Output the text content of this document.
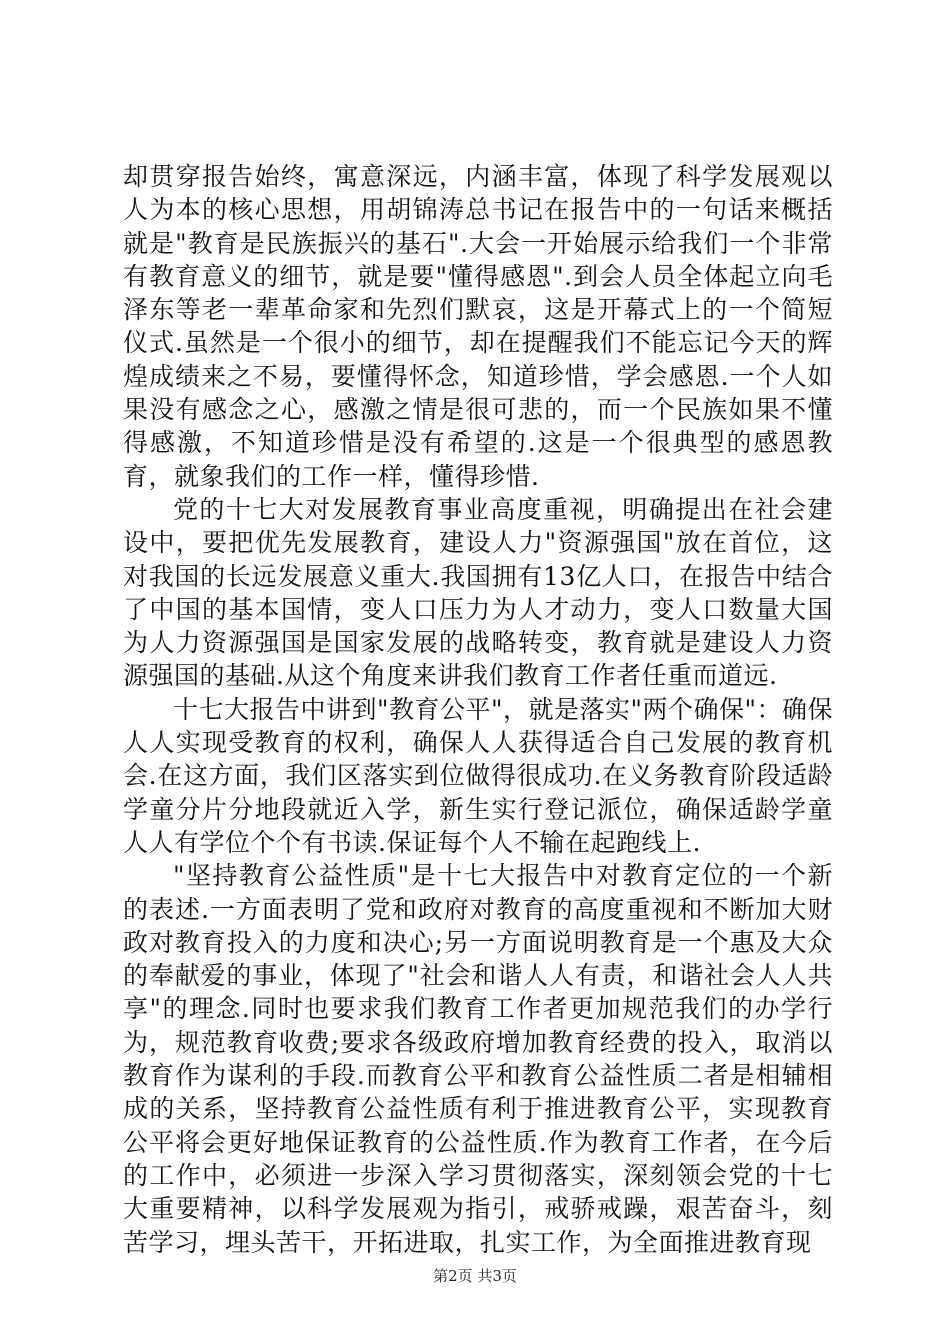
却贯穿报告始终，寓意深远，内涵丰富，体现了科学发展观以人为本的核心思想，用胡锦涛总书记在报告中的一句话来概括就是"教育是民族振兴的基石".大会一开始展示给我们一个非常有教育意义的细节，就是要"懂得感恩".到会人员全体起立向毛泽东等老一辈革命家和先烈们默哀，这是开幕式上的一个简短仪式.虽然是一个很小的细节，却在提醒我们不能忘记今天的辉煌成绩来之不易，要懂得怀念，知道珍惜，学会感恩.一个人如果没有感念之心，感激之情是很可悲的，而一个民族如果不懂得感激，不知道珍惜是没有希望的.这是一个很典型的感恩教育，就象我们的工作一样，懂得珍惜.

党的十七大对发展教育事业高度重视，明确提出在社会建设中，要把优先发展教育，建设人力"资源强国"放在首位，这对我国的长远发展意义重大.我国拥有13亿人口，在报告中结合了中国的基本国情，变人口压力为人才动力，变人口数量大国为人力资源强国是国家发展的战略转变，教育就是建设人力资源强国的基础.从这个角度来讲我们教育工作者任重而道远.

十七大报告中讲到"教育公平"，就是落实"两个确保"：确保人人实现受教育的权利，确保人人获得适合自己发展的教育机会.在这方面，我们区落实到位做得很成功.在义务教育阶段适龄学童分片分地段就近入学，新生实行登记派位，确保适龄学童人人有学位个个有书读.保证每个人不输在起跑线上.

"坚持教育公益性质"是十七大报告中对教育定位的一个新的表述.一方面表明了党和政府对教育的高度重视和不断加大财政对教育投入的力度和决心;另一方面说明教育是一个惠及大众的奉献爱的事业，体现了"社会和谐人人有责，和谐社会人人共享"的理念.同时也要求我们教育工作者更加规范我们的办学行为，规范教育收费;要求各级政府增加教育经费的投入，取消以教育作为谋利的手段.而教育公平和教育公益性质二者是相辅相成的关系，坚持教育公益性质有利于推进教育公平，实现教育公平将会更好地保证教育的公益性质.作为教育工作者，在今后的工作中，必须进一步深入学习贯彻落实，深刻领会党的十七大重要精神，以科学发展观为指引，戒骄戒躁，艰苦奋斗，刻苦学习，埋头苦干，开拓进取，扎实工作，为全面推进教育现

第2页 共3页
